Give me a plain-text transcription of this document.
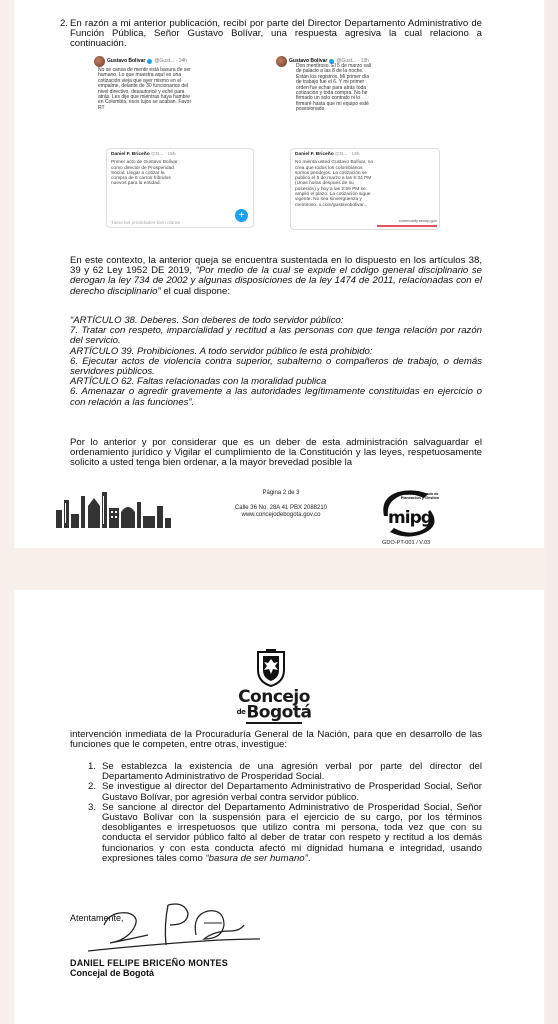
2. En razón a mi anterior publicación, recibí por parte del Director Departamento Administrativo de Función Pública, Señor Gustavo Bolívar, una respuesta agresiva la cual relaciono a continuación.
Gustavo Bolívar @Gust... · 14h
No se cansa de mentir está basura de ser humano. Lo que muestra aquí es una cotización vieja que ayer mismo en el empalme, delante de 30 funcionarios del nivel directivo, desautoricé y eché para atrás. Les dije que mientras haya hambre en Colombia, esos lujos se acaban. Favor RT
Daniel F. Briceño @D... · 15h
Primer acto de Gustavo Bolívar como director de Prosperidad Social: Llegar a cotizar la compra de 6 carros híbridos nuevos para la entidad.
Tiene las prioridades bien claras
+
Gustavo Bolívar @Gust... · 13h
Don mentiroso. El 5 de marzo salí de palacio a las 8 de la noche. Están los registros. Mi primer día de trabajo fue el 6. Y mi primer orden fue echar para atrás toda cotización y toda compra. No he firmado un solo contrato ni lo firmaré hasta que mi equipo esté posesionado.
Daniel F. Briceño @D... · 13h
No mienta usted Gustavo Bolívar, no crea que todos los colombianos somos pendejos. La cotización se publicó el 5 de marzo a las 5:34 PM (Unas horas después de su posesión) y hoy a las 2:59 PM se amplió el plazo. La cotización sigue vigente. No sea sinvergüenza y mentiroso. x.com/gustavobolivar...
community.secop.gov
En este contexto, la anterior queja se encuentra sustentada en lo dispuesto en los artículos 38, 39 y 62 Ley 1952 DE 2019, “Por medio de la cual se expide el código general disciplinario se derogan la ley 734 de 2002 y algunas disposiciones de la ley 1474 de 2011, relacionadas con el derecho disciplinario” el cual dispone:
“ARTÍCULO 38. Deberes. Son deberes de todo servidor público:
7. Tratar con respeto, imparcialidad y rectitud a las personas con que tenga relación por razón del servicio.
ARTÍCULO 39. Prohibiciones. A todo servidor público le está prohibido:
6. Ejecutar actos de violencia contra superior, subalterno o compañeros de trabajo, o demás servidores públicos.
ARTÍCULO 62. Faltas relacionadas con la moralidad publica
6. Amenazar o agredir gravemente a las autoridades legítimamente constituidas en ejercicio o con relación a las funciones”.
Por lo anterior y por considerar que es un deber de esta administración salvaguardar el ordenamiento jurídico y Vigilar el cumplimiento de la Constitución y las leyes, respetuosamente solicito a usted tenga bien ordenar, a la mayor brevedad posible la
Página 2 de 3
Calle 36 No. 28A 41 PBX 2088210
www.concejodebogota.gov.co
Modelo Integrado de Planeación y Gestión
mipg
GDO-PT-001 / V.03
Concejo
deBogotá
intervención inmediata de la Procuraduría General de la Nación, para que en desarrollo de las funciones que le competen, entre otras, investigue:
1. Se establezca la existencia de una agresión verbal por parte del director del Departamento Administrativo de Prosperidad Social.
2. Se investigue al director del Departamento Administrativo de Prosperidad Social, Señor Gustavo Bolívar, por agresión verbal contra servidor público.
3. Se sancione al director del Departamento Administrativo de Prosperidad Social, Señor Gustavo Bolívar con la suspensión para el ejercicio de su cargo, por los términos desobligantes e irrespetuosos que utilizo contra mi persona, toda vez que con su conducta el servidor público faltó al deber de tratar con respeto y rectitud a los demás funcionarios y con esta conducta afectó mi dignidad humana e integridad, usando expresiones tales como “basura de ser humano”.
Atentamente,
DANIEL FELIPE BRICEÑO MONTES
Concejal de Bogotá
